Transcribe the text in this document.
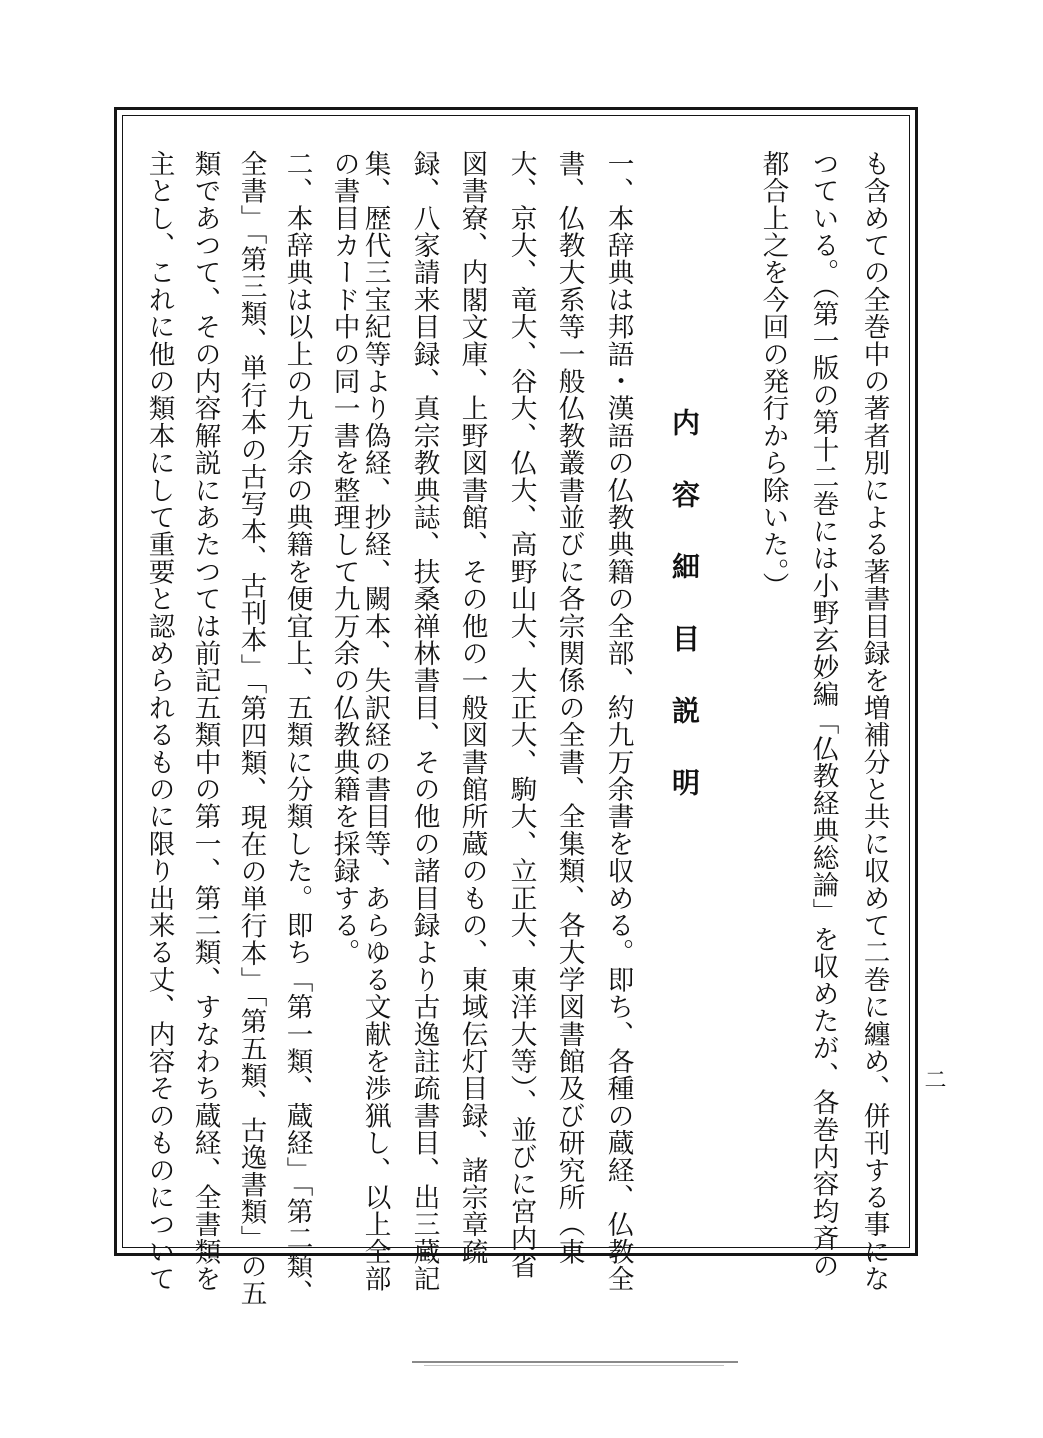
二
も含めての全巻中の著者別による著書目録を増補分と共に収めて二巻に纏め、併刊する事にな
つている。（第一版の第十二巻には小野玄妙編「仏教経典総論」を収めたが、各巻内容均斉の
都合上之を今回の発行から除いた。）
内容細目説明
一、本辞典は邦語・漢語の仏教典籍の全部、約九万余書を収める。即ち、各種の蔵経、仏教全
書、仏教大系等一般仏教叢書並びに各宗関係の全書、全集類、各大学図書館及び研究所（東
大、京大、竜大、谷大、仏大、高野山大、大正大、駒大、立正大、東洋大等）、並びに宮内省
図書寮、内閣文庫、上野図書館、その他の一般図書館所蔵のもの、東域伝灯目録、諸宗章疏
録、八家請来目録、真宗教典誌、扶桑禅林書目、その他の諸目録より古逸註疏書目、出三蔵記
集、歴代三宝紀等より偽経、抄経、闕本、失訳経の書目等、あらゆる文献を渉猟し、以上全部
の書目カード中の同一書を整理して九万余の仏教典籍を採録する。
二、本辞典は以上の九万余の典籍を便宜上、五類に分類した。即ち「第一類、蔵経」「第二類、
全書」「第三類、単行本の古写本、古刊本」「第四類、現在の単行本」「第五類、古逸書類」の五
類であつて、その内容解説にあたつては前記五類中の第一、第二類、すなわち蔵経、全書類を
主とし、これに他の類本にして重要と認められるものに限り出来る丈、内容そのものについて
